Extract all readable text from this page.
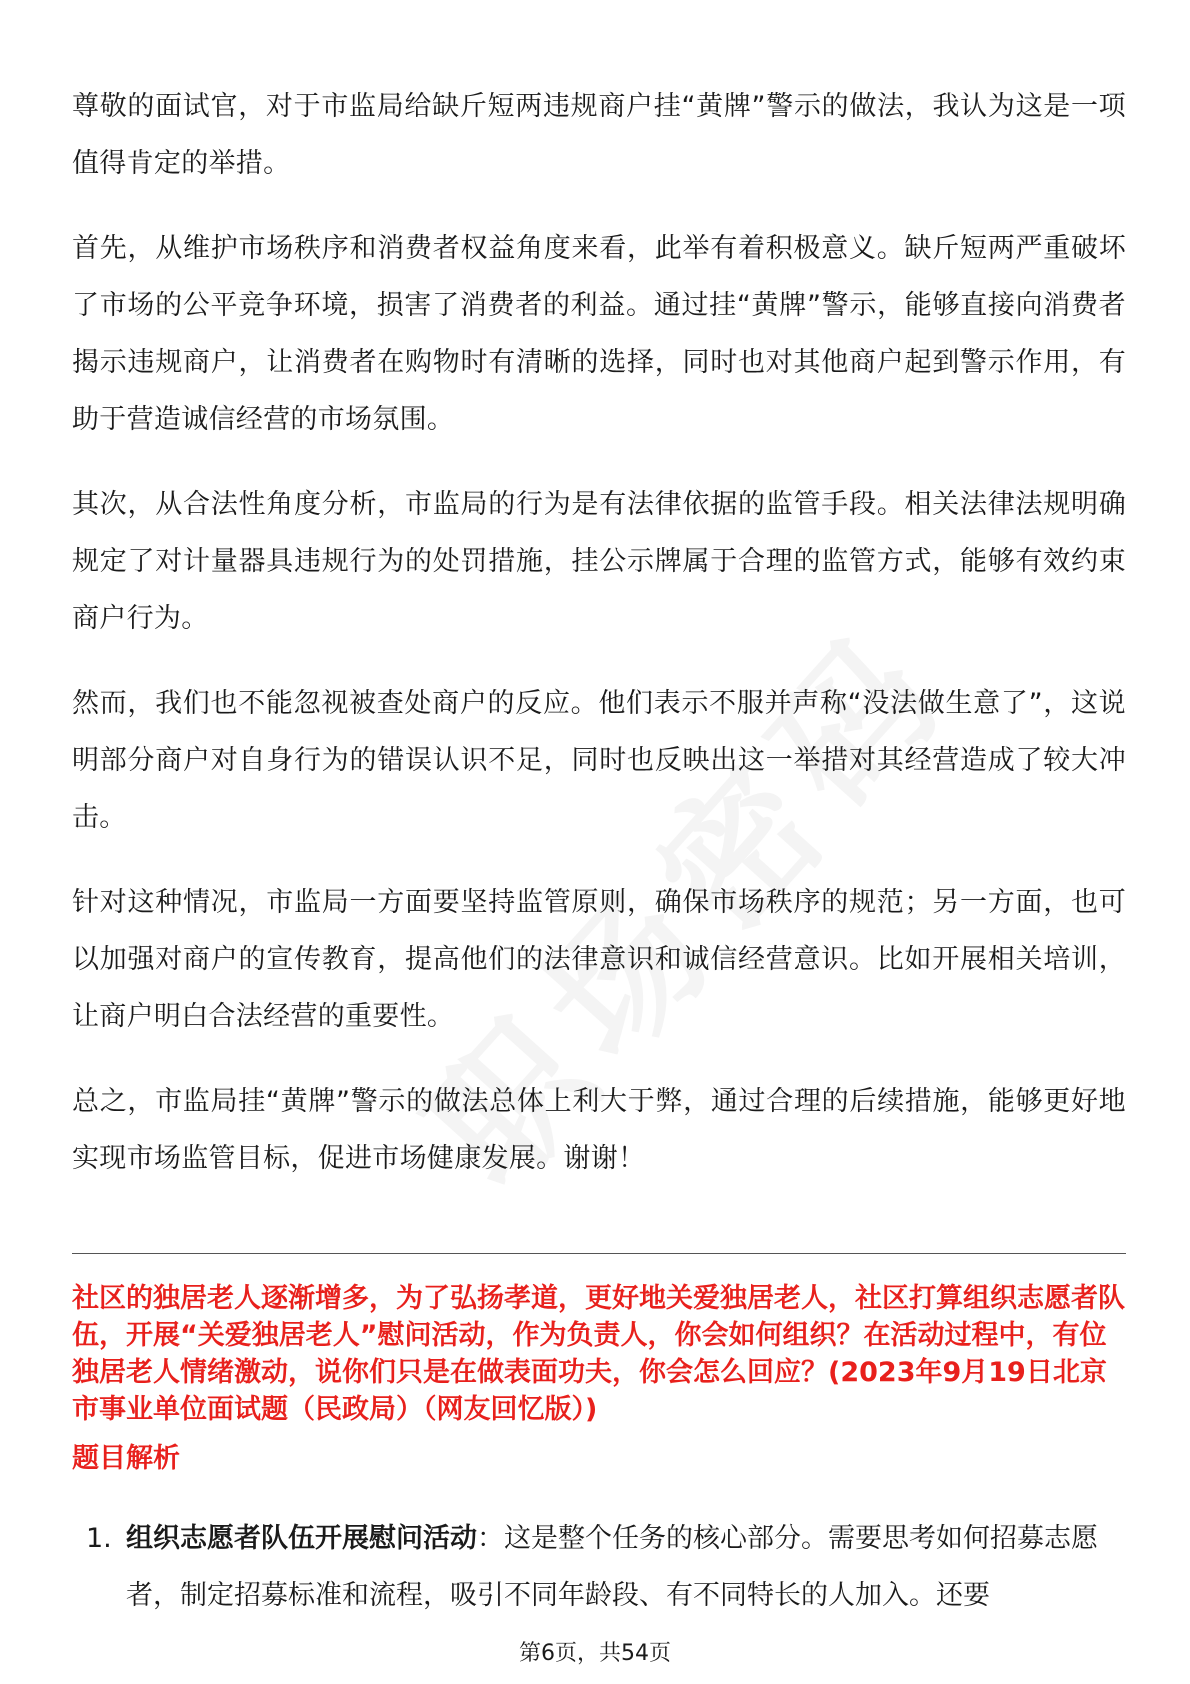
尊敬的面试官，对于市监局给缺斤短两违规商户挂“黄牌”警示的做法，我认为这是一项值得肯定的举措。

首先，从维护市场秩序和消费者权益角度来看，此举有着积极意义。缺斤短两严重破坏了市场的公平竞争环境，损害了消费者的利益。通过挂“黄牌”警示，能够直接向消费者揭示违规商户，让消费者在购物时有清晰的选择，同时也对其他商户起到警示作用，有助于营造诚信经营的市场氛围。

其次，从合法性角度分析，市监局的行为是有法律依据的监管手段。相关法律法规明确规定了对计量器具违规行为的处罚措施，挂公示牌属于合理的监管方式，能够有效约束商户行为。

然而，我们也不能忽视被查处商户的反应。他们表示不服并声称“没法做生意了”，这说明部分商户对自身行为的错误认识不足，同时也反映出这一举措对其经营造成了较大冲击。

针对这种情况，市监局一方面要坚持监管原则，确保市场秩序的规范；另一方面，也可以加强对商户的宣传教育，提高他们的法律意识和诚信经营意识。比如开展相关培训，让商户明白合法经营的重要性。

总之，市监局挂“黄牌”警示的做法总体上利大于弊，通过合理的后续措施，能够更好地实现市场监管目标，促进市场健康发展。谢谢！

社区的独居老人逐渐增多，为了弘扬孝道，更好地关爱独居老人，社区打算组织志愿者队伍，开展“关爱独居老人”慰问活动，作为负责人，你会如何组织？在活动过程中，有位独居老人情绪激动，说你们只是在做表面功夫，你会怎么回应？(2023年9月19日北京市事业单位面试题（民政局）（网友回忆版）)

题目解析

1. 组织志愿者队伍开展慰问活动：这是整个任务的核心部分。需要思考如何招募志愿者，制定招募标准和流程，吸引不同年龄段、有不同特长的人加入。还要
第6页，共54页
